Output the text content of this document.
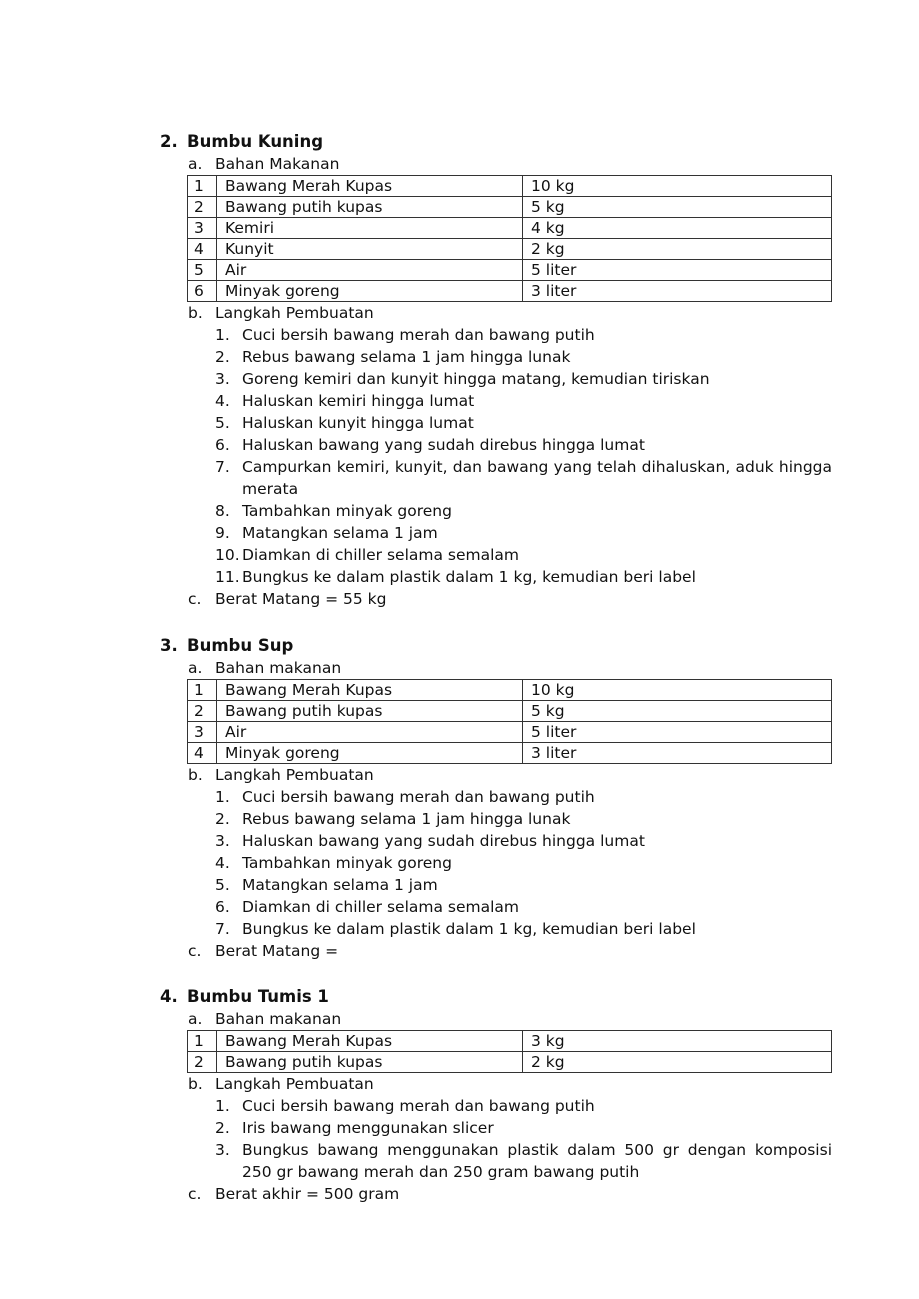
2. Bumbu Kuning
a. Bahan Makanan
1	Bawang Merah Kupas	10 kg
2	Bawang putih kupas	5 kg
3	Kemiri	4 kg
4	Kunyit	2 kg
5	Air	5 liter
6	Minyak goreng	3 liter
b. Langkah Pembuatan
1. Cuci bersih bawang merah dan bawang putih
2. Rebus bawang selama 1 jam hingga lunak
3. Goreng kemiri dan kunyit hingga matang, kemudian tiriskan
4. Haluskan kemiri hingga lumat
5. Haluskan kunyit hingga lumat
6. Haluskan bawang yang sudah direbus hingga lumat
7. Campurkan kemiri, kunyit, dan bawang yang telah dihaluskan, aduk hingga merata
8. Tambahkan minyak goreng
9. Matangkan selama 1 jam
10. Diamkan di chiller selama semalam
11. Bungkus ke dalam plastik dalam 1 kg, kemudian beri label
c. Berat Matang = 55 kg
3. Bumbu Sup
a. Bahan makanan
1	Bawang Merah Kupas	10 kg
2	Bawang putih kupas	5 kg
3	Air	5 liter
4	Minyak goreng	3 liter
b. Langkah Pembuatan
1. Cuci bersih bawang merah dan bawang putih
2. Rebus bawang selama 1 jam hingga lunak
3. Haluskan bawang yang sudah direbus hingga lumat
4. Tambahkan minyak goreng
5. Matangkan selama 1 jam
6. Diamkan di chiller selama semalam
7. Bungkus ke dalam plastik dalam 1 kg, kemudian beri label
c. Berat Matang =
4. Bumbu Tumis 1
a. Bahan makanan
1	Bawang Merah Kupas	3 kg
2	Bawang putih kupas	2 kg
b. Langkah Pembuatan
1. Cuci bersih bawang merah dan bawang putih
2. Iris bawang menggunakan slicer
3. Bungkus bawang menggunakan plastik dalam 500 gr dengan komposisi 250 gr bawang merah dan 250 gram bawang putih
c. Berat akhir = 500 gram
